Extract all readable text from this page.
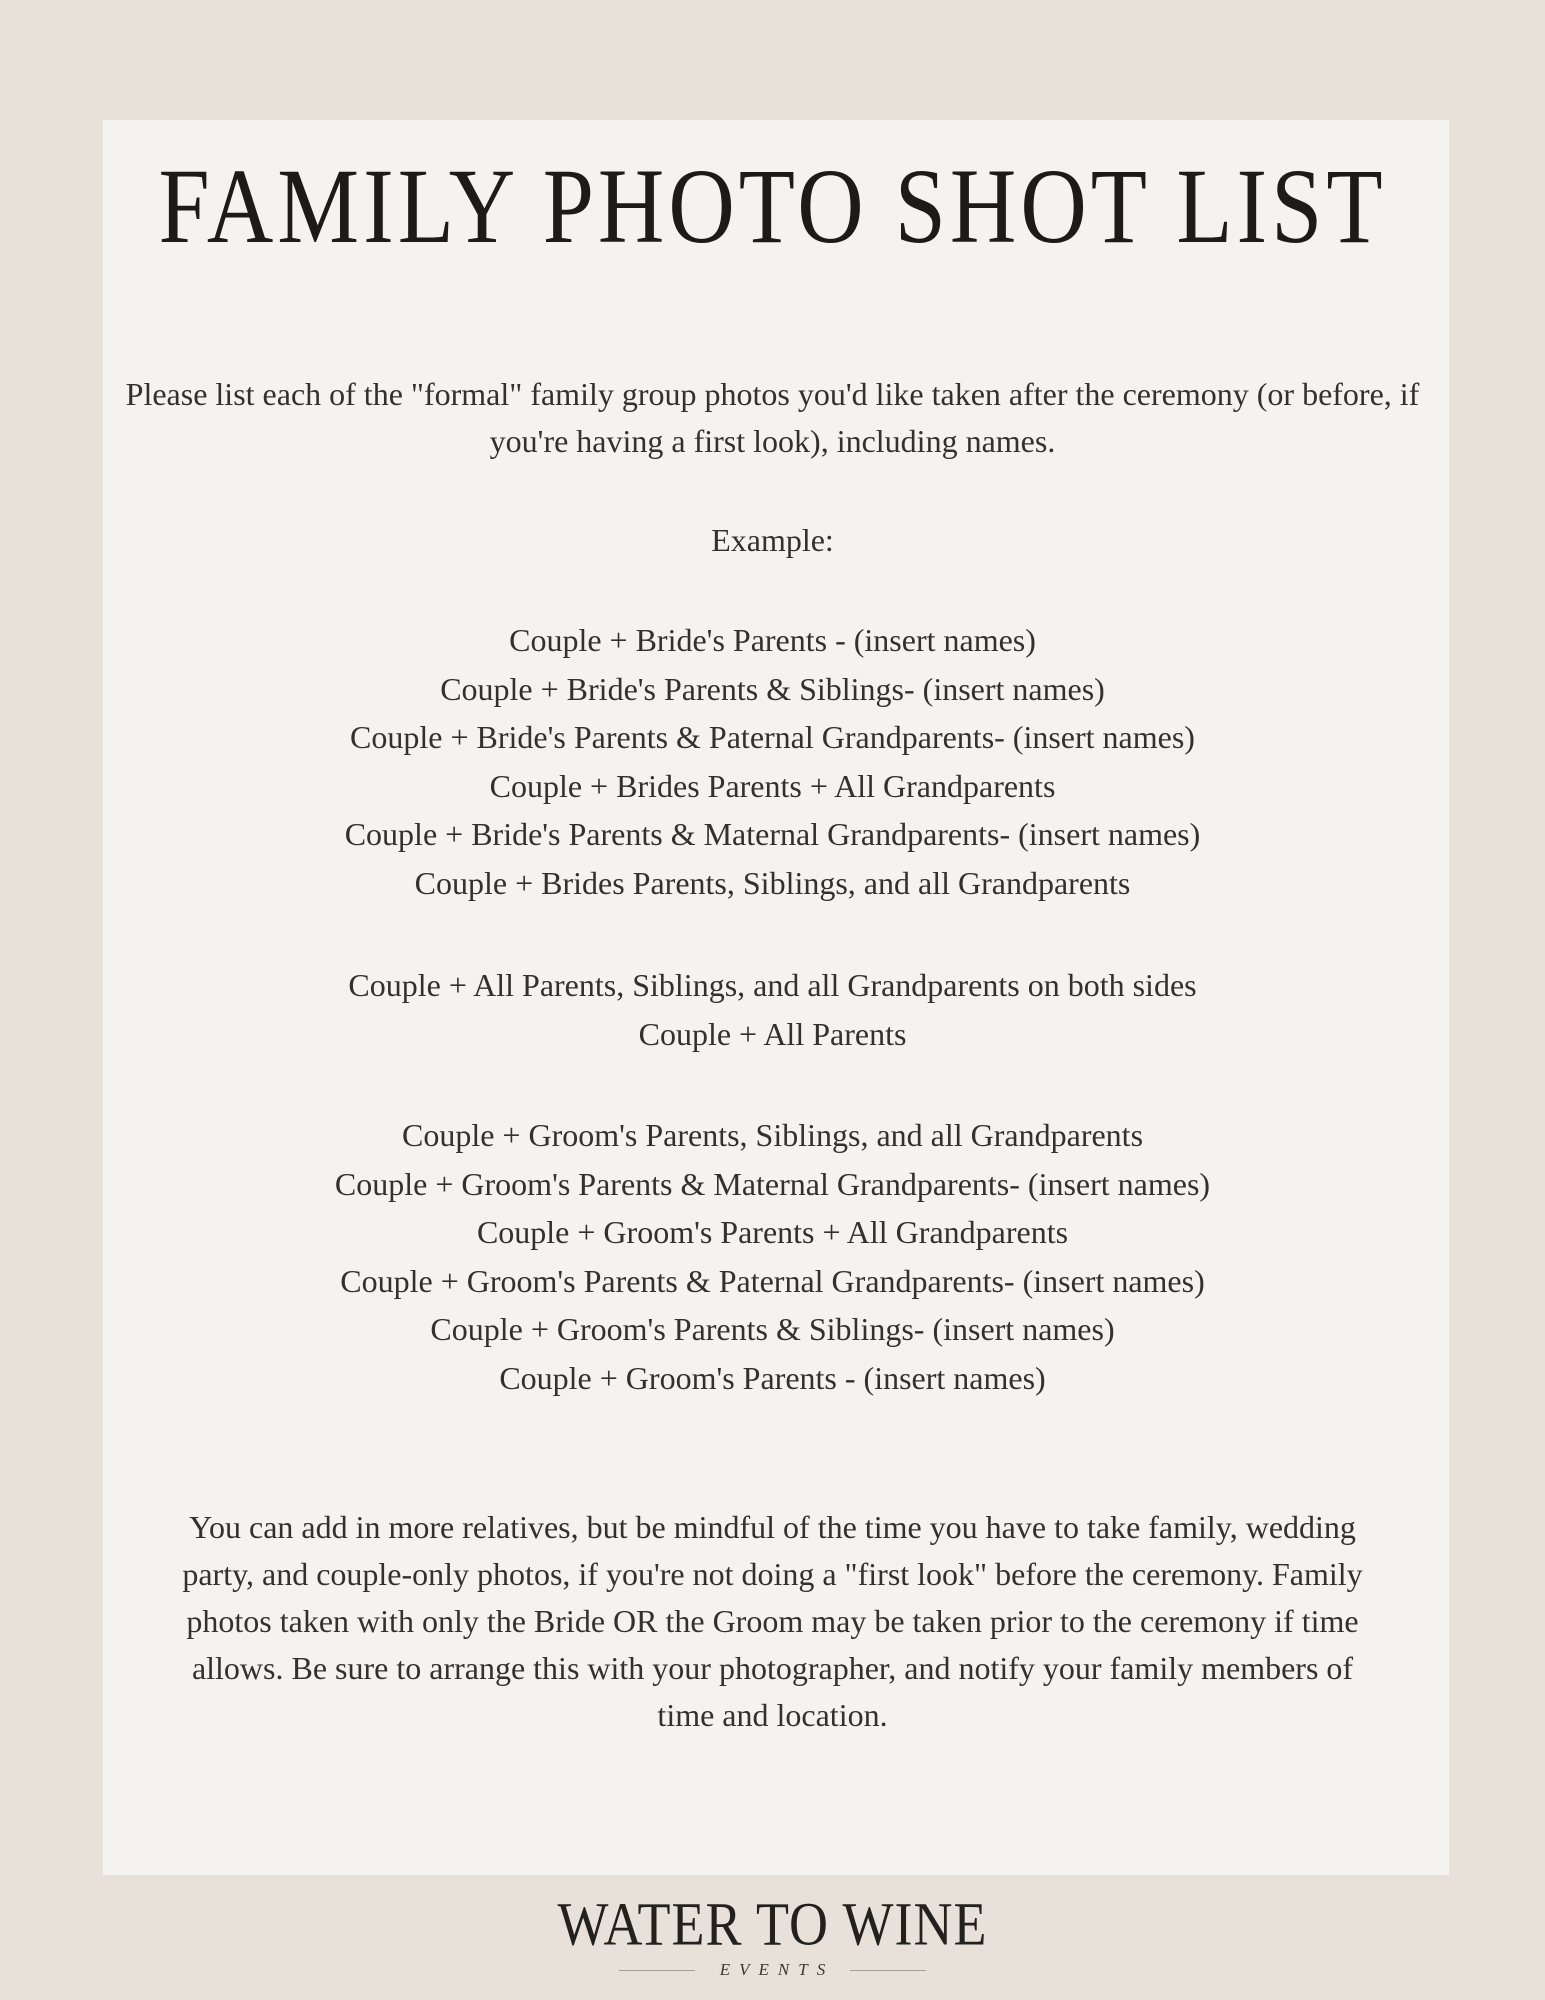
FAMILY PHOTO SHOT LIST
Please list each of the "formal" family group photos you'd like taken after the ceremony (or before, if you're having a first look), including names.
Example:
Couple + Bride's Parents - (insert names)
Couple + Bride's Parents & Siblings- (insert names)
Couple + Bride's Parents & Paternal Grandparents- (insert names)
Couple + Brides Parents + All Grandparents
Couple + Bride's Parents & Maternal Grandparents- (insert names)
Couple + Brides Parents, Siblings, and all Grandparents
Couple + All Parents, Siblings, and all Grandparents on both sides
Couple + All Parents
Couple + Groom's Parents, Siblings, and all Grandparents
Couple + Groom's Parents & Maternal Grandparents- (insert names)
Couple + Groom's Parents + All Grandparents
Couple + Groom's Parents & Paternal Grandparents- (insert names)
Couple + Groom's Parents & Siblings- (insert names)
Couple + Groom's Parents - (insert names)
You can add in more relatives, but be mindful of the time you have to take family, wedding party, and couple-only photos, if you're not doing a "first look" before the ceremony. Family photos taken with only the Bride OR the Groom may be taken prior to the ceremony if time allows. Be sure to arrange this with your photographer, and notify your family members of time and location.
WATER TO WINE
EVENTS
